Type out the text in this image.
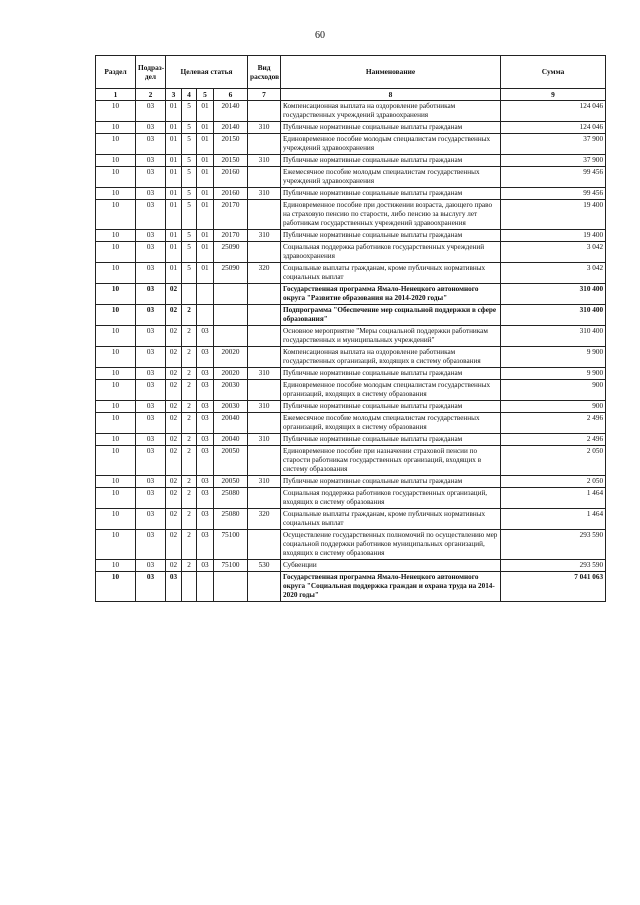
60
Раздел	Подраз-дел	Целевая статья				Вид расходов	Наименование	Сумма
1	2	3	4	5	6	7	8	9
10	03	01	5	01	20140		Компенсационная выплата на оздоровление работникам государственных учреждений здравоохранения	124 046
10	03	01	5	01	20140	310	Публичные нормативные социальные выплаты гражданам	124 046
10	03	01	5	01	20150		Единовременное пособие молодым специалистам государственных учреждений здравоохранения	37 900
10	03	01	5	01	20150	310	Публичные нормативные социальные выплаты гражданам	37 900
10	03	01	5	01	20160		Ежемесячное пособие молодым специалистам государственных учреждений здравоохранения	99 456
10	03	01	5	01	20160	310	Публичные нормативные социальные выплаты гражданам	99 456
10	03	01	5	01	20170		Единовременное пособие при достижении возраста, дающего право на страховую пенсию по старости, либо пенсию за выслугу лет работникам государственных учреждений здравоохранения	19 400
10	03	01	5	01	20170	310	Публичные нормативные социальные выплаты гражданам	19 400
10	03	01	5	01	25090		Социальная поддержка работников государственных учреждений здравоохранения	3 042
10	03	01	5	01	25090	320	Социальные выплаты гражданам, кроме публичных нормативных социальных выплат	3 042
10	03	02					Государственная программа Ямало-Ненецкого автономного округа "Развитие образования на 2014-2020 годы"	310 400
10	03	02	2				Подпрограмма "Обеспечение мер социальной поддержки в сфере образования"	310 400
10	03	02	2	03			Основное мероприятие "Меры социальной поддержки работникам государственных и муниципальных учреждений"	310 400
10	03	02	2	03	20020		Компенсационная выплата на оздоровление работникам государственных организаций, входящих в систему образования	9 900
10	03	02	2	03	20020	310	Публичные нормативные социальные выплаты гражданам	9 900
10	03	02	2	03	20030		Единовременное пособие молодым специалистам государственных организаций, входящих в систему образования	900
10	03	02	2	03	20030	310	Публичные нормативные социальные выплаты гражданам	900
10	03	02	2	03	20040		Ежемесячное пособие молодым специалистам государственных организаций, входящих в систему образования	2 496
10	03	02	2	03	20040	310	Публичные нормативные социальные выплаты гражданам	2 496
10	03	02	2	03	20050		Единовременное пособие при назначении страховой пенсии по старости работникам государственных организаций, входящих в систему образования	2 050
10	03	02	2	03	20050	310	Публичные нормативные социальные выплаты гражданам	2 050
10	03	02	2	03	25080		Социальная поддержка работников государственных организаций, входящих в систему образования	1 464
10	03	02	2	03	25080	320	Социальные выплаты гражданам, кроме публичных нормативных социальных выплат	1 464
10	03	02	2	03	75100		Осуществление государственных полномочий по осуществлению мер социальной поддержки работников муниципальных организаций, входящих в систему образования	293 590
10	03	02	2	03	75100	530	Субвенции	293 590
10	03	03					Государственная программа Ямало-Ненецкого автономного округа "Социальная поддержка граждан и охрана труда на 2014-2020 годы"	7 041 063
